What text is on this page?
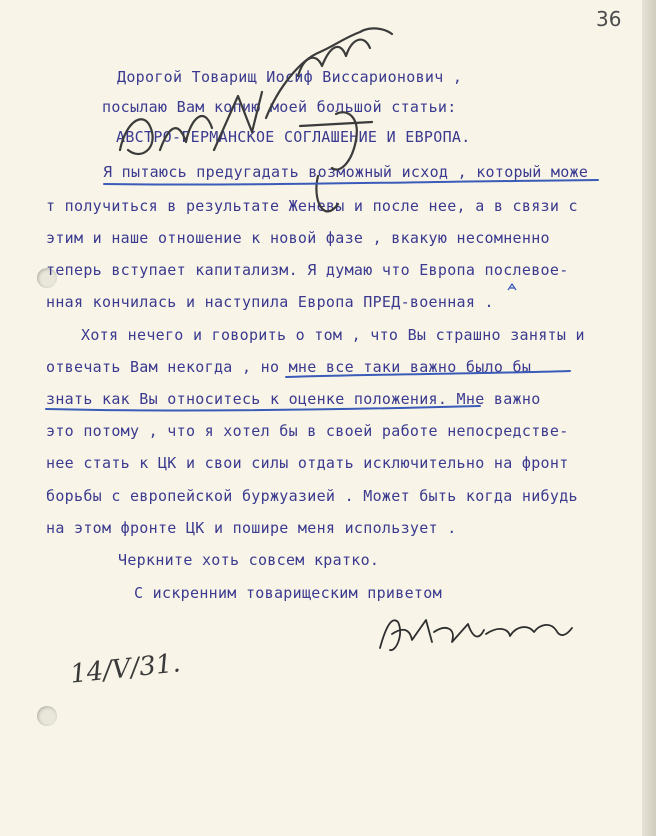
36
Дорогой Товарищ Иосиф Виссарионович ,
посылаю Вам копию моей большой статьи:
АВСТРО-ГЕРМАНСКОЕ СОГЛАШЕНИЕ И ЕВРОПА.
Я пытаюсь предугадать возможный исход , который може
т получиться в результате Женевы и после нее, а в связи с
этим и наше отношение к новой фазе , вкакую несомненно
теперь вступает капитализм. Я думаю что Европа послевое-
нная кончилась и наступила Европа ПРЕД-военная .
Хотя нечего и говорить о том , что Вы страшно заняты и
отвечать Вам некогда , но мне все таки важно было бы
знать как Вы относитесь к оценке положения. Мне важно
это потому , что я хотел бы в своей работе непосредстве-
нее стать к ЦК и свои силы отдать исключительно на фронт
борьбы с европейской буржуазией . Может быть когда нибудь
на этом фронте ЦК и пошире меня использует .
Черкните хоть совсем кратко.
С искренним товарищеским приветом
14/V/31.
